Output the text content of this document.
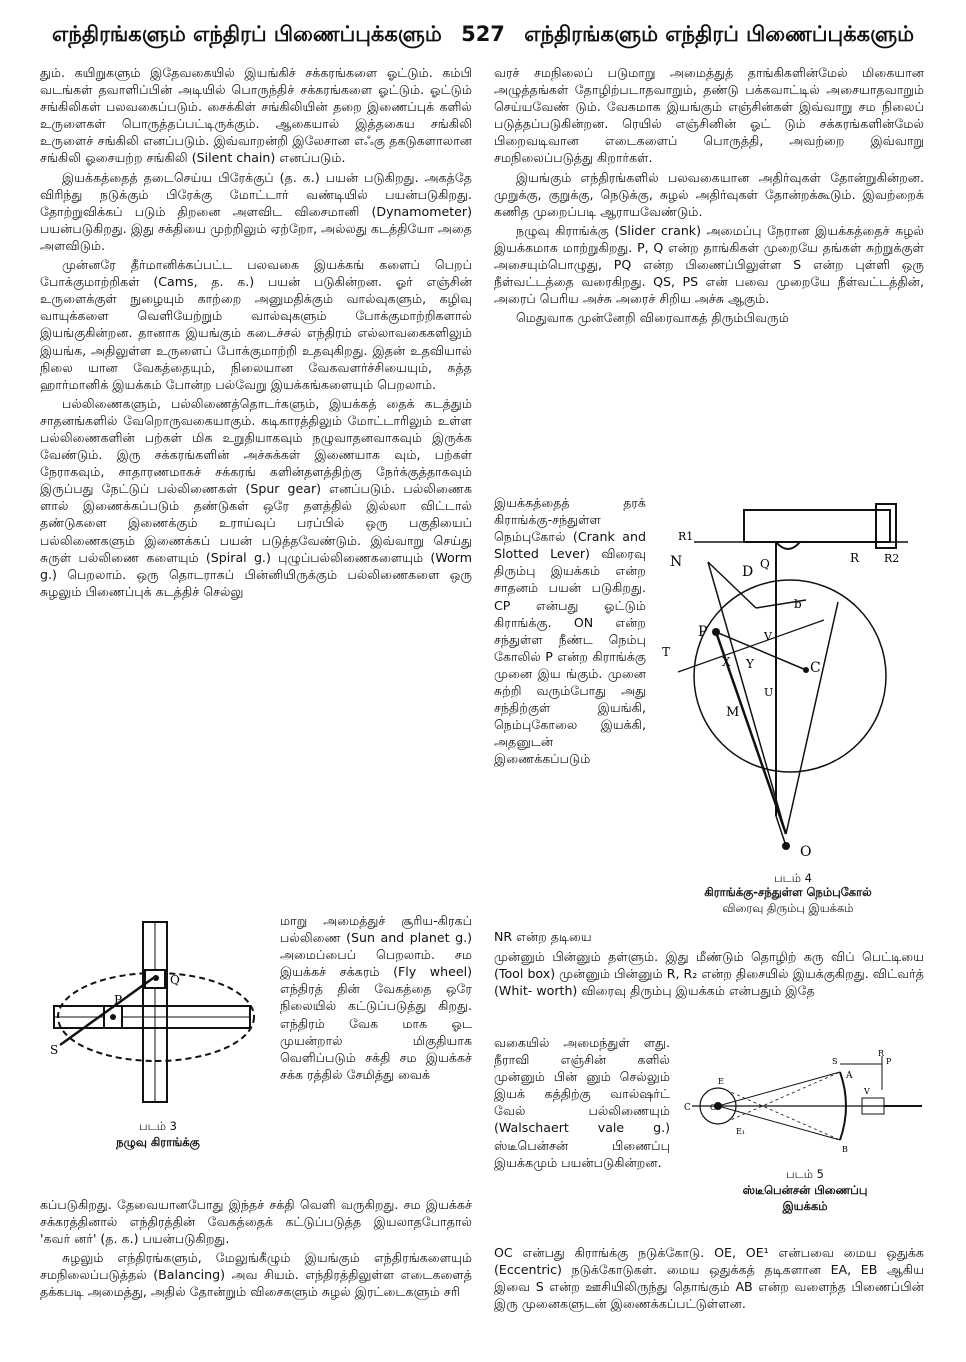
எந்திரங்களும் எந்திரப் பிணைப்புக்களும் 527 எந்திரங்களும் எந்திரப் பிணைப்புக்களும்

தும். கயிறுகளும் இதேவகையில் இயங்கிச் சக்கரங்களை ஓட்டும். கம்பி வடங்கள் தவாளிப்பின் அடியில் பொருந்திச் சக்கரங்களை ஓட்டும். ஓட்டும் சங்கிலிகள் பலவகைப்படும். சைக்கிள் சங்கிலியின் தறை இணைப்புக் களில் உருளைகள் பொருத்தப்பட்டிருக்கும். ஆகையால் இத்தகைய சங்கிலி உருளைச் சங்கிலி எனப்படும். இவ்வாறன்றி இலேசான எஃகு தகடுகளாலான சங்கிலி ஓசையற்ற சங்கிலி (Silent chain) எனப்படும்.

இயக்கத்தைத் தடைசெய்ய பிரேக்குப் (த. க.) பயன் படுகிறது. அகத்தே விரிந்து நடுக்கும் பிரேக்கு மோட்டார் வண்டியில் பயன்படுகிறது. தோற்றுவிக்கப் படும் திறனை அளவிட விசைமானி (Dynamometer) பயன்படுகிறது. இது சக்தியை முற்றிலும் ஏற்றோ, அல்லது கடத்தியோ அதை அளவிடும்.

முன்னரே தீர்மானிக்கப்பட்ட பலவகை இயக்கங் களைப் பெறப் போக்குமாற்றிகள் (Cams, த. க.) பயன் படுகின்றன. ஓர் எஞ்சின் உருளைக்குள் நுழையும் காற்றை அனுமதிக்கும் வால்வுகளும், கழிவு வாயுக்களை வெளியேற்றும் வால்வுகளும் போக்குமாற்றிகளால் இயங்குகின்றன. தானாக இயங்கும் கடைச்சல் எந்திரம் எல்லாவகைகளிலும் இயங்க, அதிலுள்ள உருளைப் போக்குமாற்றி உதவுகிறது. இதன் உதவியால் நிலை யான வேகத்தையும், நிலையான வேகவளர்ச்சியையும், சுத்த ஹார்மானிக் இயக்கம் போன்ற பல்வேறு இயக்கங்களையும் பெறலாம்.

பல்லிணைகளும், பல்லிணைத்தொடர்களும், இயக்கத் தைக் கடத்தும் சாதனங்களில் வேறொருவகையாகும். கடிகாரத்திலும் மோட்டாரிலும் உள்ள பல்லிணைகளின் பற்கள் மிக உறுதியாகவும் நழுவாதனவாகவும் இருக்க வேண்டும். இரு சக்கரங்களின் அச்சுக்கள் இணையாக வும், பற்கள் நேராகவும், சாதாரணமாகச் சக்கரங் களின்தளத்திற்கு நேர்க்குத்தாகவும் இருப்பது நேட்டுப் பல்லிணைகள் (Spur gear) எனப்படும். பல்லிணைக ளால் இணைக்கப்படும் தண்டுகள் ஒரே தளத்தில் இல்லா விட்டால் தண்டுகளை இணைக்கும் உராய்வுப் பரப்பில் ஒரு பகுதியைப் பல்லிணைகளும் இணைக்கப் பயன் படுத்தவேண்டும். இவ்வாறு செய்து சுருள் பல்லிணை களையும் (Spiral g.) புழுப்பல்லிணைகளையும் (Worm g.) பெறலாம். ஒரு தொடராகப் பின்னியிருக்கும் பல்லிணைகளை ஒரு சுழலும் பிணைப்புக் கடத்திச் செல்லு

P
Q
S
படம் 3
நழுவு கிராங்க்கு

மாறு அமைத்துச் சூரிய-கிரகப் பல்லிணை (Sun and planet g.) அமைப்பைப் பெறலாம். சம இயக்கச் சக்கரம் (Fly wheel) எந்திரத் தின் வேகத்தை ஒரே நிலையில் கட்டுப்படுத்து கிறது. எந்திரம் வேக மாக ஓட முயன்றால் மிகுதியாக வெளிப்படும் சக்தி சம இயக்கச் சக்க ரத்தில் சேமித்து வைக்

கப்படுகிறது. தேவையானபோது இந்தச் சக்தி வெளி வருகிறது. சம இயக்கச் சக்கரத்தினால் எந்திரத்தின் வேகத்தைக் கட்டுப்படுத்த இயலாதபோதால் 'கவர் னர்' (த. க.) பயன்படுகிறது.

சுழலும் எந்திரங்களும், மேலுங்கீழும் இயங்கும் எந்திரங்களையும் சமநிலைப்படுத்தல் (Balancing) அவ சியம். எந்திரத்திலுள்ள எடைகளைத் தக்கபடி அமைத்து, அதில் தோன்றும் விசைகளும் சுழல் இரட்டைகளும் சரி

வரச் சமநிலைப் படுமாறு அமைத்துத் தாங்கிகளின்மேல் மிகையான அழுத்தங்கள் தோழிற்படாதவாறும், தண்டு பக்கவாட்டில் அசையாதவாறும் செய்யவேண் டும். வேகமாக இயங்கும் எஞ்சின்கள் இவ்வாறு சம நிலைப் படுத்தப்படுகின்றன. ரெயில் எஞ்சினின் ஓட் டும் சக்கரங்களின்மேல் பிறைவடிவான எடைகளைப் பொருத்தி, அவற்றை இவ்வாறு சமநிலைப்படுத்து கிறார்கள்.

இயங்கும் எந்திரங்களில் பலவகையான அதிர்வுகள் தோன்றுகின்றன. முறுக்கு, குறுக்கு, நெடுக்கு, சுழல் அதிர்வுகள் தோன்றக்கூடும். இவற்றைக் கணித முறைப்படி ஆராயவேண்டும்.

நழுவு கிராங்க்கு (Slider crank) அமைப்பு நேரான இயக்கத்தைச் சுழல் இயக்கமாக மாற்றுகிறது. P, Q என்ற தாங்கிகள் முறையே தங்கள் சுற்றுக்குள் அசையும்பொழுது, PQ என்ற பிணைப்பிலுள்ள S என்ற புள்ளி ஒரு நீள்வட்டத்தை வரைகிறது. QS, PS என் பவை முறையே நீள்வட்டத்தின், அரைப் பெரிய அச்சு அரைச் சிறிய அச்சு ஆகும்.

மெதுவாக முன்னேறி விரைவாகத் திரும்பிவரும்

இயக்கத்தைத் தரக் கிராங்க்கு-சந்துள்ள நெம்புகோல் (Crank and Slotted Lever) விரைவு திரும்பு இயக்கம் என்ற சாதனம் பயன் படுகிறது. CP என்பது ஓட்டும் கிராங்க்கு. ON என்ற சந்துள்ள நீண்ட நெம்பு கோலில் P என்ற கிராங்க்கு முனை இய ங்கும். முனை சுற்றி வரும்போது அது சந்திற்குள் இயங்கி, நெம்புகோலை இயக்கி, அதனுடன் இணைக்கப்படும்

R1
R R2
N
D Q
b
P	V
T
X Y	C
U
M
O
படம் 4
கிராங்க்கு-சந்துள்ள நெம்புகோல்
விரைவு திரும்பு இயக்கம்

NR என்ற தடியை

முன்னும் பின்னும் தள்ளும். இது மீண்டும் தொழிற் கரு விப் பெட்டியை (Tool box) முன்னும் பின்னும் R, R₂ என்ற திசையில் இயக்குகிறது. விட்வர்த் (Whit- worth) விரைவு திரும்பு இயக்கம் என்பதும் இதே

வகையில் அமைந்துள் ளது. நீராவி எஞ்சின் களில் முன்னும் பின் னும் செல்லும் இயக் கத்திற்கு வால்ஷர்ட் வேல் பல்லிணையும் (Walschaert vale g.) ஸ்டீபென்சன் பிணைப்பு இயக்கமும் பயன்படுகின்றன.

R
P
S
A
E
C O
V
E₁
B
படம் 5
ஸ்டீபென்சன் பிணைப்பு
இயக்கம்

OC என்பது கிராங்க்கு நடுக்கோடு. OE, OE¹ என்பவை மைய ஒதுக்க (Eccentric) நடுக்கோடுகள். மைய ஒதுக்கத் தடிகளான EA, EB ஆகிய இவை S என்ற ஊசியிலிருந்து தொங்கும் AB என்ற வளைந்த பிணைப்பின் இரு முனைகளுடன் இணைக்கப்பட்டுள்ளன.
